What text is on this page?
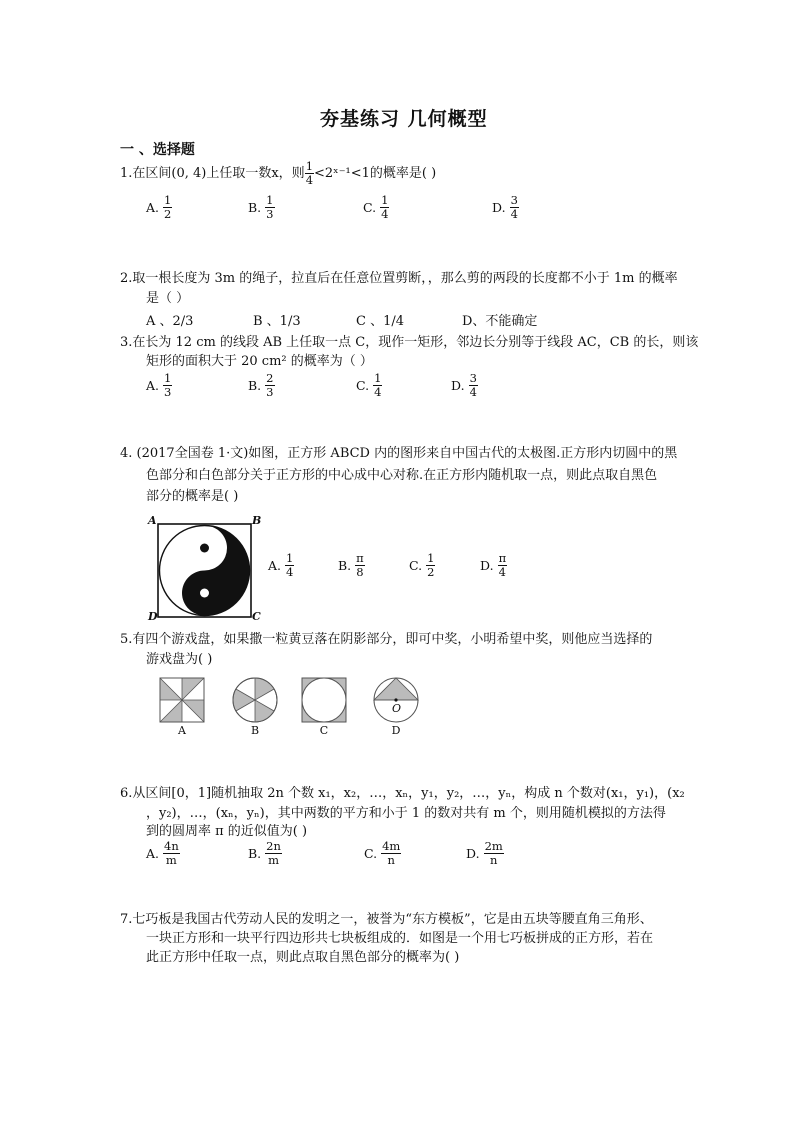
夯基练习 几何概型
一 、选择题
1.在区间(0, 4)上任取一数x，则 $\frac{1}{4}$ <2ˣ⁻¹<1的概率是( )
A. $\frac{1}{2}$	B. $\frac{1}{3}$	C. $\frac{1}{4}$	D. $\frac{3}{4}$
2.取一根长度为 3m 的绳子，拉直后在任意位置剪断，，那么剪的两段的长度都不小于 1m 的概率
是（ ）
A 、2/3	B 、1/3	C 、1/4	D、不能确定
3.在长为 12 cm 的线段 AB 上任取一点 C，现作一矩形，邻边长分别等于线段 AC，CB 的长，则该
矩形的面积大于 20 cm² 的概率为（ ）
A. $\frac{1}{3}$	B. $\frac{2}{3}$	C. $\frac{1}{4}$	D. $\frac{3}{4}$
4. (2017全国卷 1·文)如图，正方形 ABCD 内的图形来自中国古代的太极图.正方形内切圆中的黑
色部分和白色部分关于正方形的中心成中心对称.在正方形内随机取一点，则此点取自黑色
部分的概率是( )
A	B
C
D
A. $\frac{1}{4}$	B. $\frac{\pi}{8}$	C. $\frac{1}{2}$	D. $\frac{\pi}{4}$
5.有四个游戏盘，如果撒一粒黄豆落在阴影部分，即可中奖，小明希望中奖，则他应当选择的
游戏盘为( )
O
A	B	C	D
6.从区间[0，1]随机抽取 2n 个数 x₁，x₂，…，xₙ，y₁，y₂，…，yₙ，构成 n 个数对(x₁，y₁)，(x₂
，y₂)，…，(xₙ，yₙ)，其中两数的平方和小于 1 的数对共有 m 个，则用随机模拟的方法得
到的圆周率 π 的近似值为( )
A. $\frac{4n}{m}$	B. $\frac{2n}{m}$	C. $\frac{4m}{n}$	D. $\frac{2m}{n}$
7.七巧板是我国古代劳动人民的发明之一，被誉为“东方模板”，它是由五块等腰直角三角形、
一块正方形和一块平行四边形共七块板组成的．如图是一个用七巧板拼成的正方形，若在
此正方形中任取一点，则此点取自黑色部分的概率为( )
